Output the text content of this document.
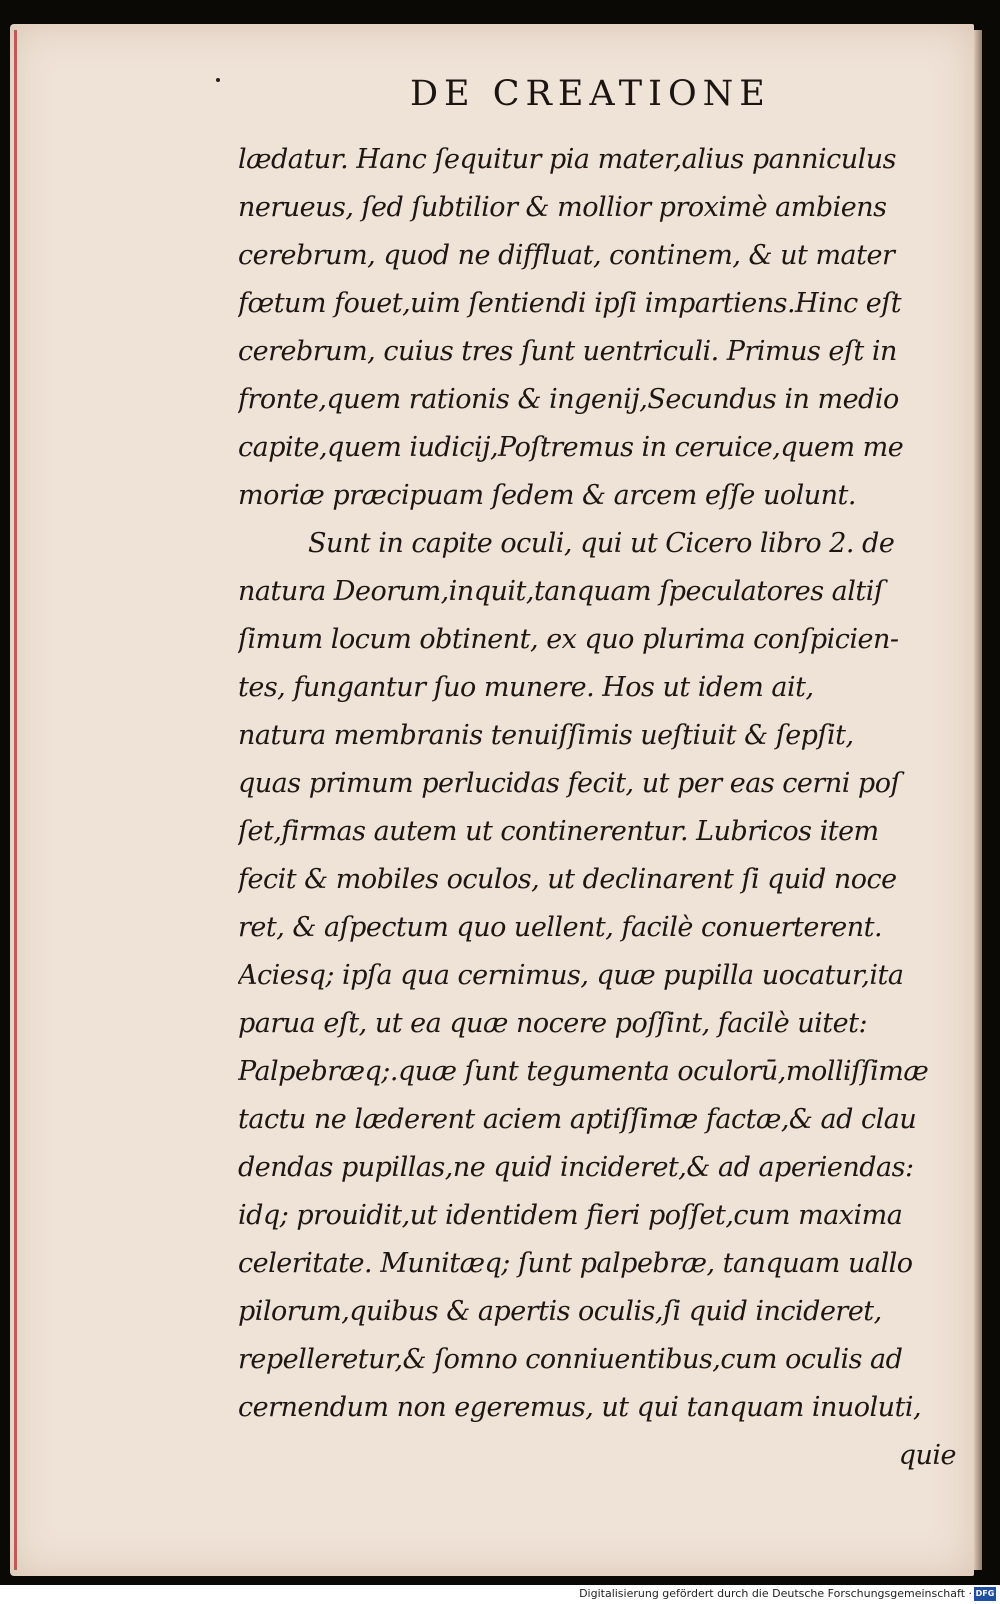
DE CREATIONE
lædatur. Hanc ſequitur pia mater,alius panniculus
nerueus, ſed ſubtilior & mollior proximè ambiens
cerebrum, quod ne diffluat, contineт, & ut mater
fœtum fouet,uim ſentiendi ipſi impartiens.Hinc eſt
cerebrum, cuius tres ſunt uentriculi. Primus eſt in
fronte,quem rationis & ingenij,Secundus in medio
capite,quem iudicij,Poſtremus in ceruice,quem me
moriæ præcipuam ſedem & arcem eſſe uolunt.
Sunt in capite oculi, qui ut Cicero libro 2. de
natura Deorum,inquit,tanquam ſpeculatores altiſ
ſimum locum obtinent, ex quo plurima conſpicien-
tes, fungantur ſuo munere. Hos ut idem ait,
natura membranis tenuiſſimis ueſtiuit & ſepſit,
quas primum perlucidas fecit, ut per eas cerni poſ
ſet,firmas autem ut continerentur. Lubricos item
fecit & mobiles oculos, ut declinarent ſi quid noce
ret, & aſpectum quo uellent, facilè conuerterent.
Aciesq; ipſa qua cernimus, quæ pupilla uocatur,ita
parua eſt, ut ea quæ nocere poſſint, facilè uitet:
Palpebræq;.quæ ſunt tegumenta oculorū,molliſſimæ
tactu ne læderent aciem aptiſſimæ factæ,& ad clau
dendas pupillas,ne quid incideret,& ad aperiendas:
idq; prouidit,ut identidem fieri poſſet,cum maxima
celeritate. Munitæq; ſunt palpebræ, tanquam uallo
pilorum,quibus & apertis oculis,ſi quid incideret,
repelleretur,& ſomno conniuentibus,cum oculis ad
cernendum non egeremus, ut qui tanquam inuoluti,
quie
Digitalisierung gefördert durch die Deutsche Forschungsgemeinschaft · DFG
